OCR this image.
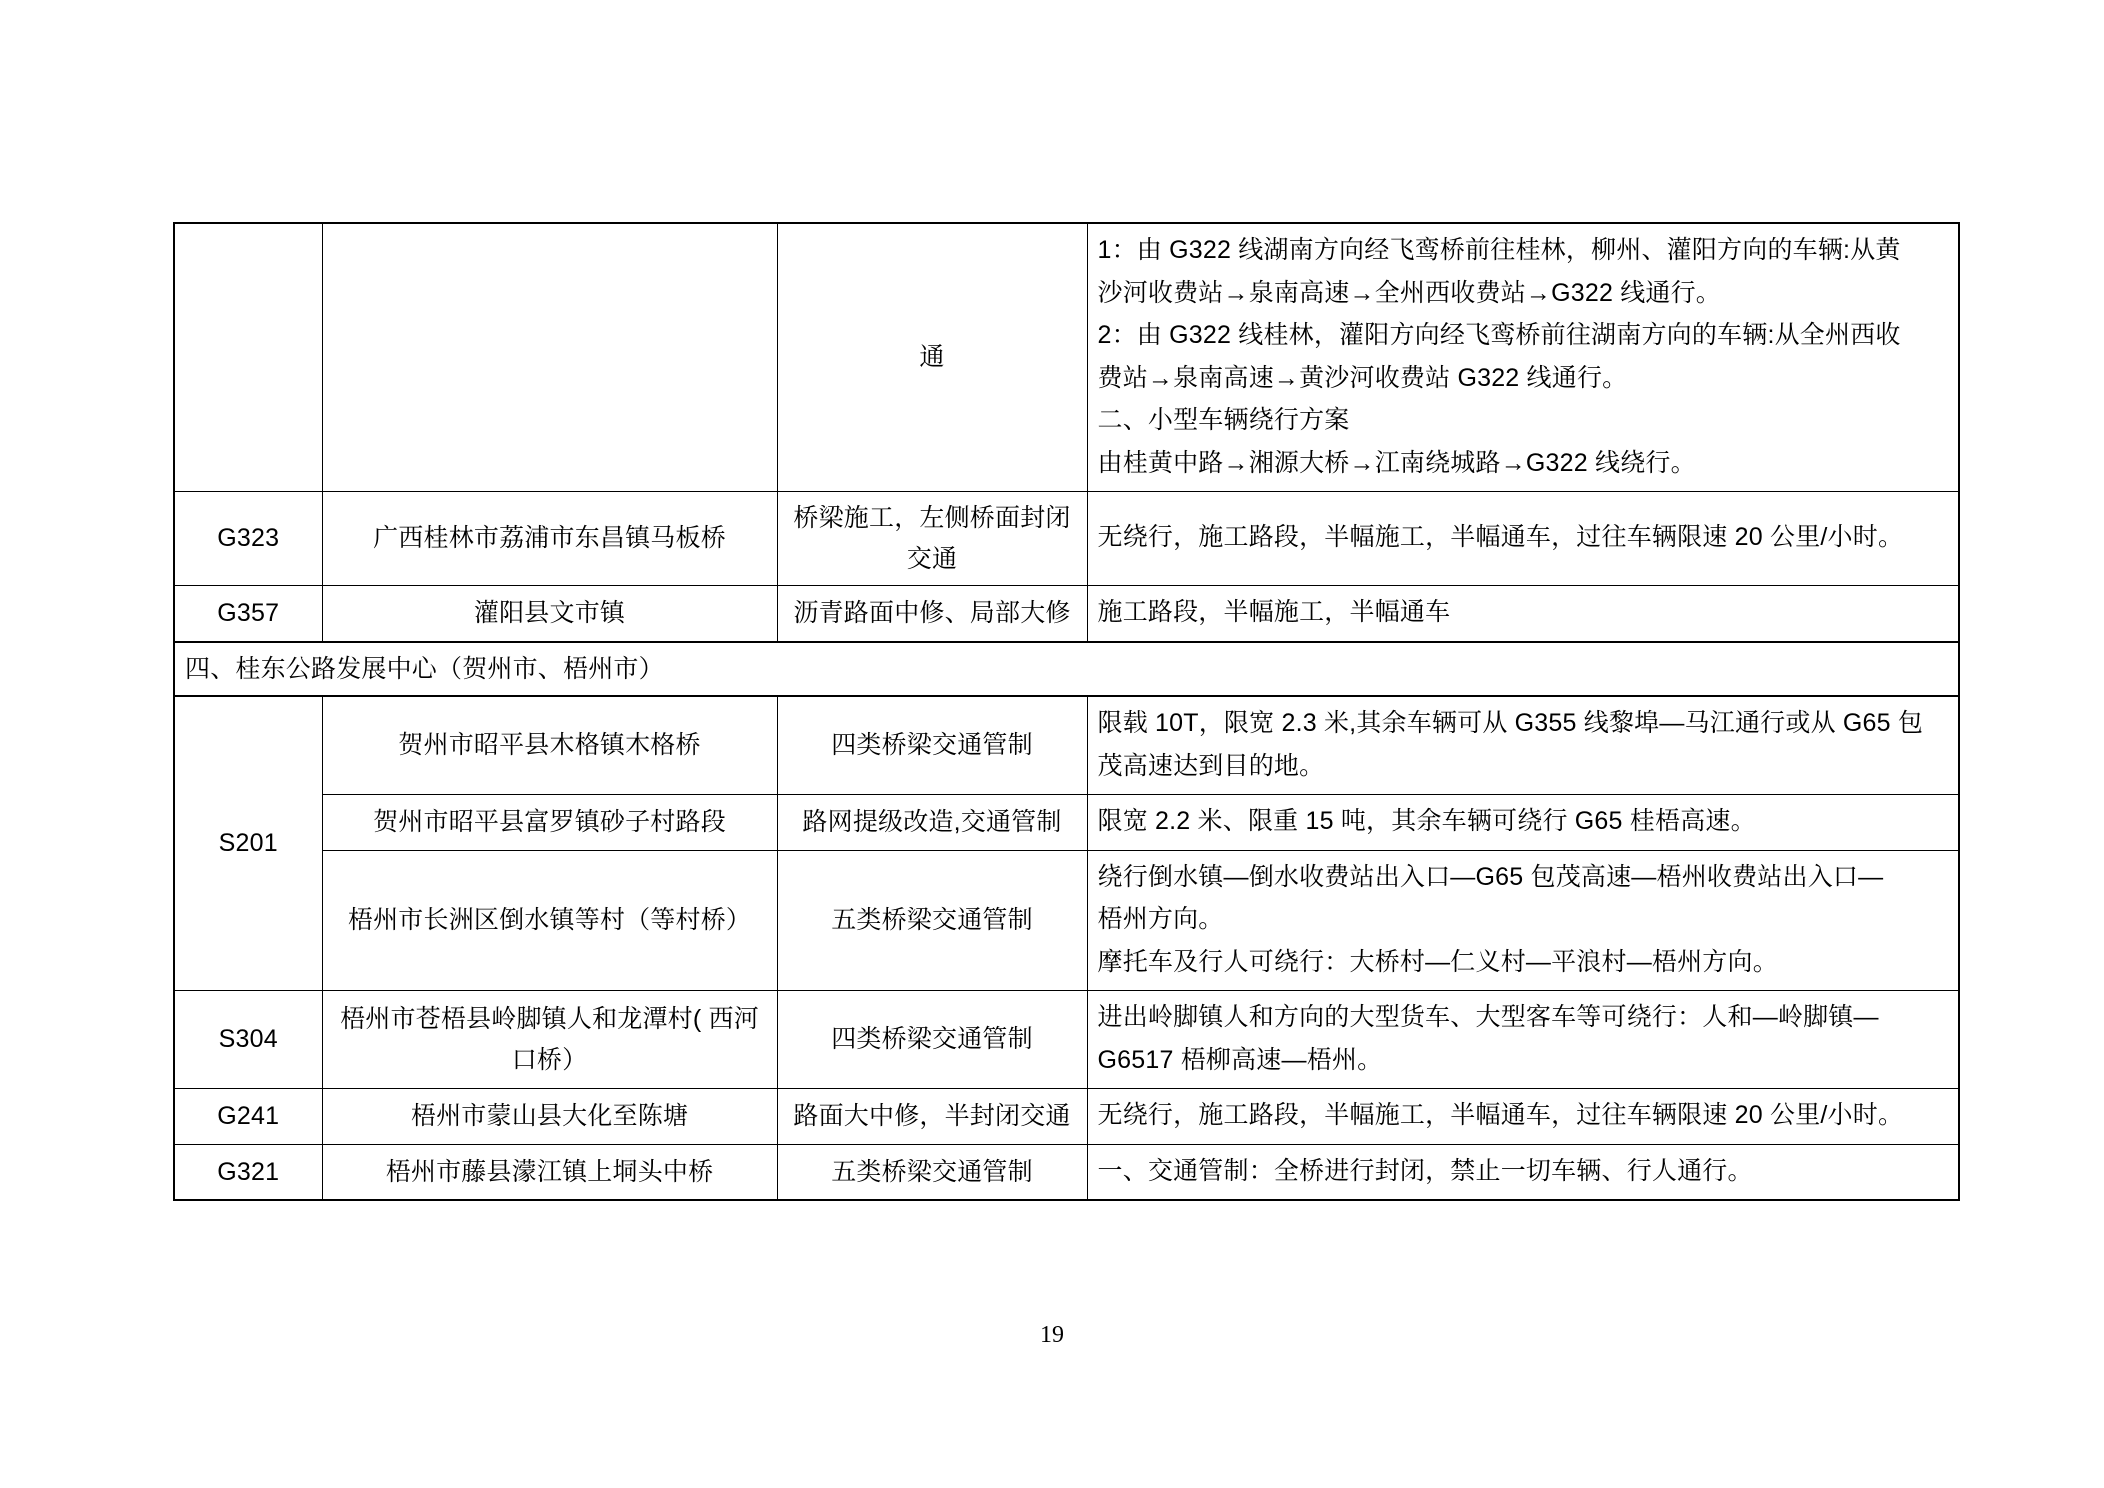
		通	

1：由 G322 线湖南方向经飞鸾桥前往桂林，柳州、灌阳方向的车辆:从黄

沙河收费站→泉南高速→全州西收费站→G322 线通行。

2：由 G322 线桂林，灌阳方向经飞鸾桥前往湖南方向的车辆:从全州西收

费站→泉南高速→黄沙河收费站 G322 线通行。

二、小型车辆绕行方案

由桂黄中路→湘源大桥→江南绕城路→G322 线绕行。

G323	广西桂林市荔浦市东昌镇马板桥	桥梁施工，左侧桥面封闭交通	无绕行，施工路段，半幅施工，半幅通车，过往车辆限速 20 公里/小时。

G357	灌阳县文市镇	沥青路面中修、局部大修	施工路段，半幅施工，半幅通车

四、桂东公路发展中心（贺州市、梧州市）			
S201	贺州市昭平县木格镇木格桥	四类桥梁交通管制	限载 10T，限宽 2.3 米,其余车辆可从 G355 线黎埠—马江通行或从 G65 包

茂高速达到目的地。

	贺州市昭平县富罗镇砂子村路段	路网提级改造,交通管制	限宽 2.2 米、限重 15 吨，其余车辆可绕行 G65 桂梧高速。

	梧州市长洲区倒水镇等村（等村桥）	五类桥梁交通管制	绕行倒水镇—倒水收费站出入口—G65 包茂高速—梧州收费站出入口—

梧州方向。

摩托车及行人可绕行：大桥村—仁义村—平浪村—梧州方向。

S304	梧州市苍梧县岭脚镇人和龙潭村( 西河口桥）	四类桥梁交通管制	进出岭脚镇人和方向的大型货车、大型客车等可绕行：人和—岭脚镇—

G6517 梧柳高速—梧州。

G241	梧州市蒙山县大化至陈塘	路面大中修，半封闭交通	无绕行，施工路段，半幅施工，半幅通车，过往车辆限速 20 公里/小时。

G321	梧州市藤县濛江镇上垌头中桥	五类桥梁交通管制	一、交通管制：全桥进行封闭，禁止一切车辆、行人通行。

19
